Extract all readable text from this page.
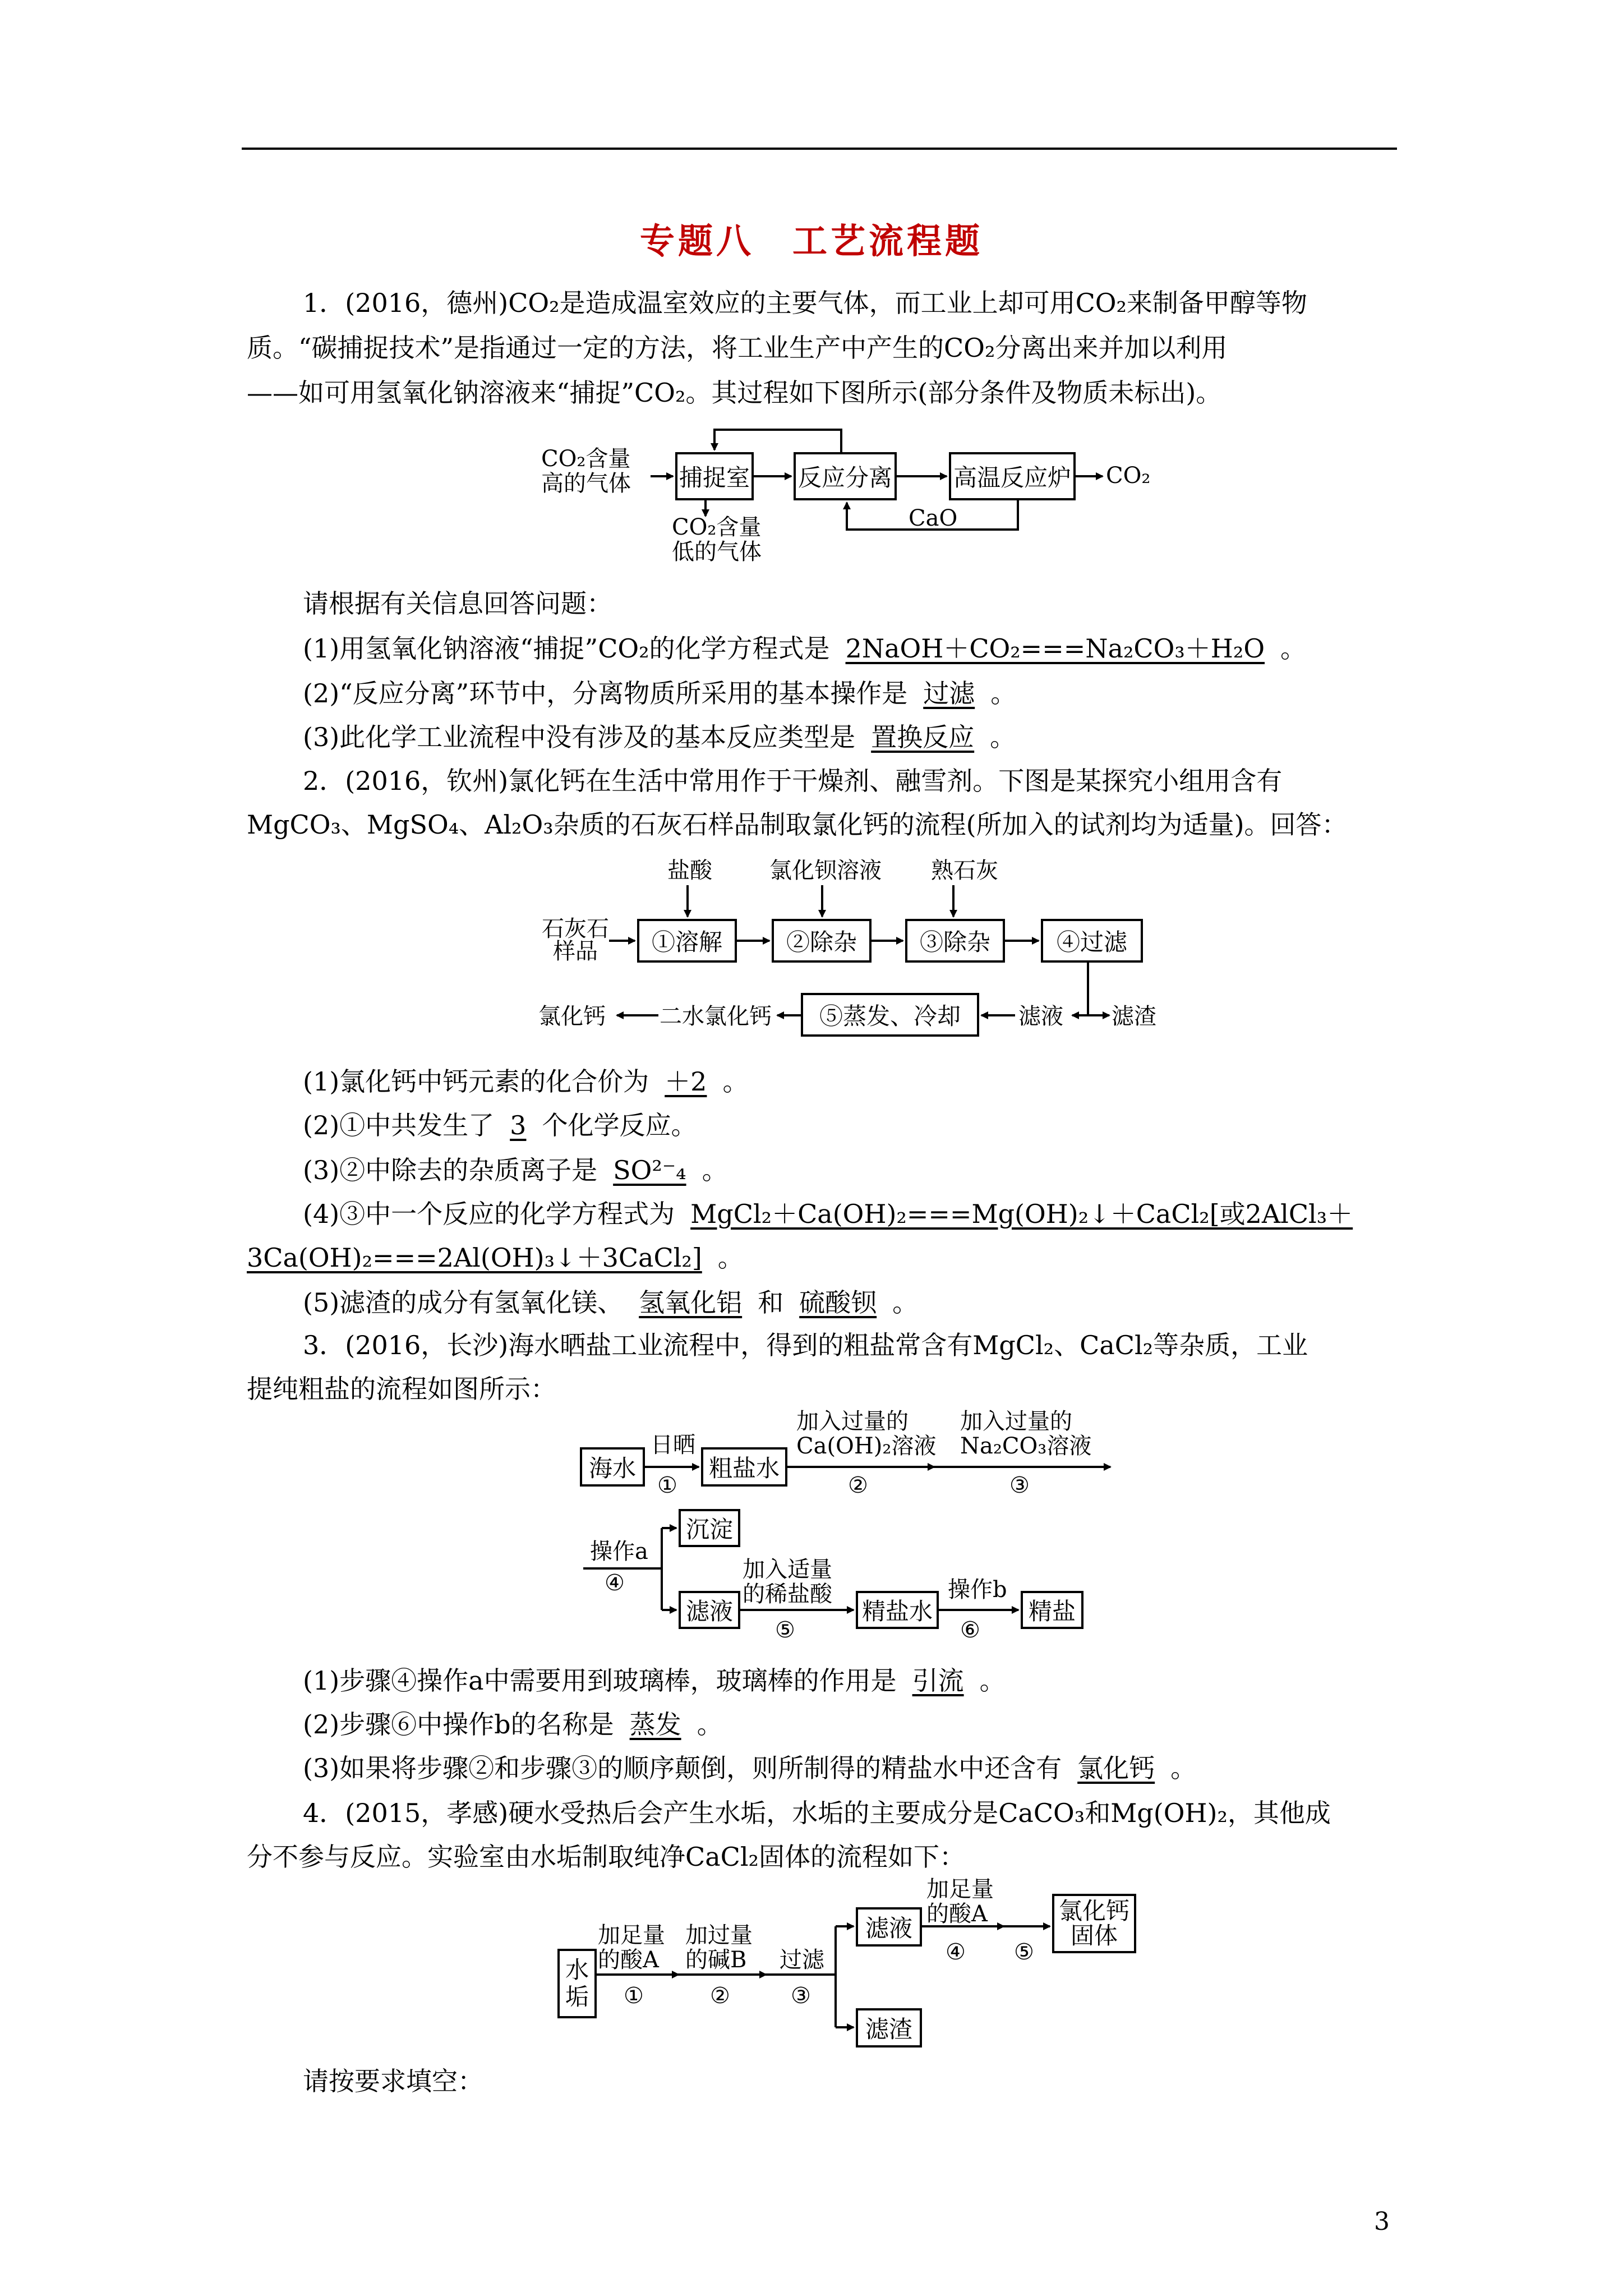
专题八　工艺流程题
1．(2016，德州)CO₂是造成温室效应的主要气体，而工业上却可用CO₂来制备甲醇等物
质。“碳捕捉技术”是指通过一定的方法，将工业生产中产生的CO₂分离出来并加以利用
——如可用氢氧化钠溶液来“捕捉”CO₂。其过程如下图所示(部分条件及物质未标出)。
CO₂含量
高的气体 捕捉室 反应分离	高温反应炉 CO₂
CaO
CO₂含量
低的气体
请根据有关信息回答问题：
(1)用氢氧化钠溶液“捕捉”CO₂的化学方程式是 2NaOH＋CO₂===Na₂CO₃＋H₂O 。
(2)“反应分离”环节中，分离物质所采用的基本操作是 过滤 。
(3)此化学工业流程中没有涉及的基本反应类型是 置换反应 。
2．(2016，钦州)氯化钙在生活中常用作于干燥剂、融雪剂。下图是某探究小组用含有
MgCO₃、MgSO₄、Al₂O₃杂质的石灰石样品制取氯化钙的流程(所加入的试剂均为适量)。回答：
盐酸	氯化钡溶液 熟石灰
石灰石
样品	①溶解	②除杂	③除杂	④过滤
⑤蒸发、冷却	滤液 滤渣
二水氯化钙
氯化钙
(1)氯化钙中钙元素的化合价为 ＋2 。
(2)①中共发生了 3 个化学反应。
(3)②中除去的杂质离子是 SO²⁻₄ 。
(4)③中一个反应的化学方程式为 MgCl₂＋Ca(OH)₂===Mg(OH)₂↓＋CaCl₂[或2AlCl₃＋
3Ca(OH)₂===2Al(OH)₃↓＋3CaCl₂] 。
(5)滤渣的成分有氢氧化镁、 氢氧化铝 和 硫酸钡 。
3．(2016，长沙)海水晒盐工业流程中，得到的粗盐常含有MgCl₂、CaCl₂等杂质，工业
提纯粗盐的流程如图所示：
海水
日晒
①
粗盐水
加入过量的
Ca(OH)₂溶液
②
加入过量的
Na₂CO₃溶液
③
操作a
④
沉淀
滤液
加入适量
的稀盐酸
⑤
精盐水
操作b
⑥
精盐
(1)步骤④操作a中需要用到玻璃棒，玻璃棒的作用是 引流 。
(2)步骤⑥中操作b的名称是 蒸发 。
(3)如果将步骤②和步骤③的顺序颠倒，则所制得的精盐水中还含有 氯化钙 。
4．(2015，孝感)硬水受热后会产生水垢，水垢的主要成分是CaCO₃和Mg(OH)₂，其他成
分不参与反应。实验室由水垢制取纯净CaCl₂固体的流程如下：
水
垢
加足量
的酸A
①
加过量
的碱B
②
过滤
③
滤液
滤渣
加足量
的酸A
④ ⑤
氯化钙
固体
请按要求填空：
3
